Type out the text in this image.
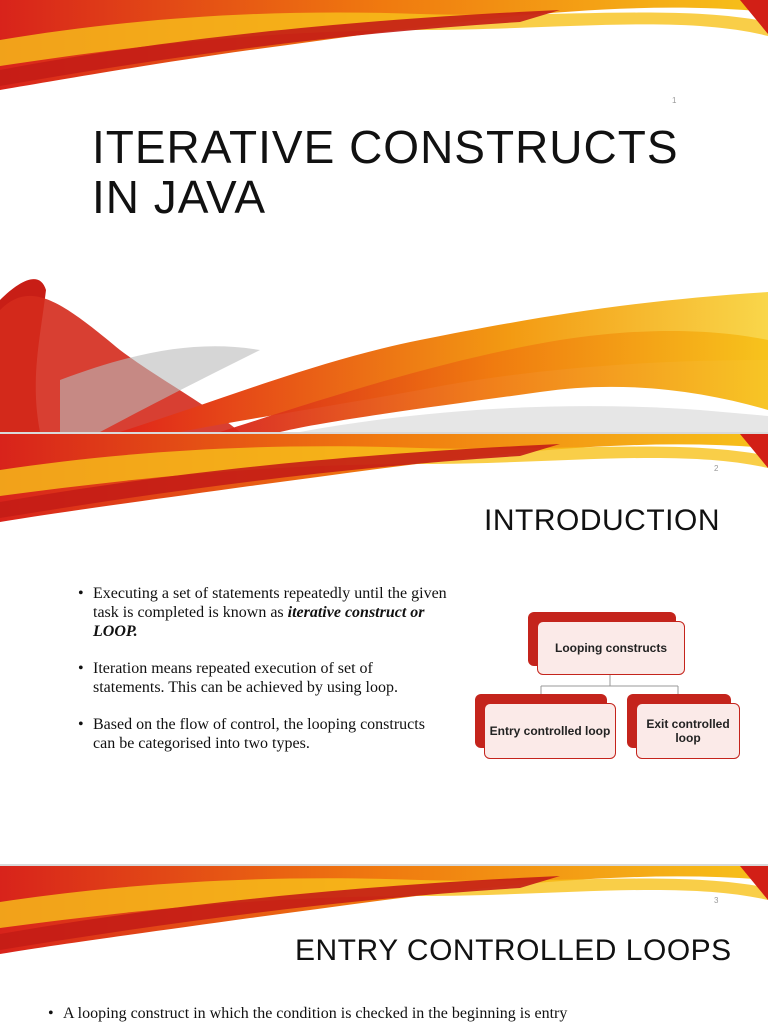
1
ITERATIVE CONSTRUCTS
IN JAVA
2
INTRODUCTION
• Executing a set of statements repeatedly until the given task is completed is known as iterative construct or LOOP.
• Iteration means repeated execution of set of statements. This can be achieved by using loop.
• Based on the flow of control, the looping constructs can be categorised into two types.
Looping constructs
Entry controlled loop	Exit controlled loop
3
ENTRY CONTROLLED LOOPS
• A looping construct in which the condition is checked in the beginning is entry
